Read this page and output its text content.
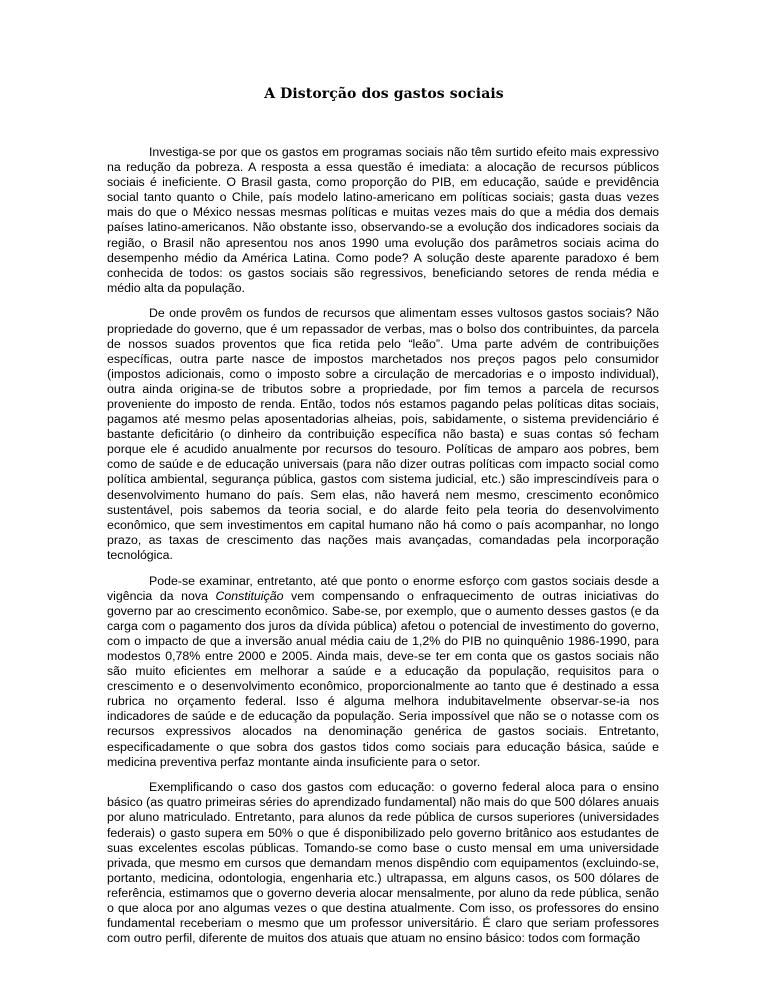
A Distorção dos gastos sociais

Investiga-se por que os gastos em programas sociais não têm surtido efeito mais expressivo na redução da pobreza. A resposta a essa questão é imediata: a alocação de recursos públicos sociais é ineficiente. O Brasil gasta, como proporção do PIB, em educação, saúde e previdência social tanto quanto o Chile, país modelo latino-americano em políticas sociais; gasta duas vezes mais do que o México nessas mesmas políticas e muitas vezes mais do que a média dos demais países latino-americanos. Não obstante isso, observando-se a evolução dos indicadores sociais da região, o Brasil não apresentou nos anos 1990 uma evolução dos parâmetros sociais acima do desempenho médio da América Latina. Como pode? A solução deste aparente paradoxo é bem conhecida de todos: os gastos sociais são regressivos, beneficiando setores de renda média e médio alta da população.

De onde provêm os fundos de recursos que alimentam esses vultosos gastos sociais? Não propriedade do governo, que é um repassador de verbas, mas o bolso dos contribuintes, da parcela de nossos suados proventos que fica retida pelo “leão”. Uma parte advém de contribuições específicas, outra parte nasce de impostos marchetados nos preços pagos pelo consumidor (impostos adicionais, como o imposto sobre a circulação de mercadorias e o imposto individual), outra ainda origina-se de tributos sobre a propriedade, por fim temos a parcela de recursos proveniente do imposto de renda. Então, todos nós estamos pagando pelas políticas ditas sociais, pagamos até mesmo pelas aposentadorias alheias, pois, sabidamente, o sistema previdenciário é bastante deficitário (o dinheiro da contribuição específica não basta) e suas contas só fecham porque ele é acudido anualmente por recursos do tesouro. Políticas de amparo aos pobres, bem como de saúde e de educação universais (para não dizer outras políticas com impacto social como política ambiental, segurança pública, gastos com sistema judicial, etc.) são imprescindíveis para o desenvolvimento humano do país. Sem elas, não haverá nem mesmo, crescimento econômico sustentável, pois sabemos da teoria social, e do alarde feito pela teoria do desenvolvimento econômico, que sem investimentos em capital humano não há como o país acompanhar, no longo prazo, as taxas de crescimento das nações mais avançadas, comandadas pela incorporação tecnológica.

Pode-se examinar, entretanto, até que ponto o enorme esforço com gastos sociais desde a vigência da nova Constituição vem compensando o enfraquecimento de outras iniciativas do governo par ao crescimento econômico. Sabe-se, por exemplo, que o aumento desses gastos (e da carga com o pagamento dos juros da dívida pública) afetou o potencial de investimento do governo, com o impacto de que a inversão anual média caiu de 1,2% do PIB no quinquênio 1986-1990, para modestos 0,78% entre 2000 e 2005. Ainda mais, deve-se ter em conta que os gastos sociais não são muito eficientes em melhorar a saúde e a educação da população, requisitos para o crescimento e o desenvolvimento econômico, proporcionalmente ao tanto que é destinado a essa rubrica no orçamento federal. Isso é alguma melhora indubitavelmente observar-se-ia nos indicadores de saúde e de educação da população. Seria impossível que não se o notasse com os recursos expressivos alocados na denominação genérica de gastos sociais. Entretanto, especificadamente o que sobra dos gastos tidos como sociais para educação básica, saúde e medicina preventiva perfaz montante ainda insuficiente para o setor.

Exemplificando o caso dos gastos com educação: o governo federal aloca para o ensino básico (as quatro primeiras séries do aprendizado fundamental) não mais do que 500 dólares anuais por aluno matriculado. Entretanto, para alunos da rede pública de cursos superiores (universidades federais) o gasto supera em 50% o que é disponibilizado pelo governo britânico aos estudantes de suas excelentes escolas públicas. Tomando-se como base o custo mensal em uma universidade privada, que mesmo em cursos que demandam menos dispêndio com equipamentos (excluindo-se, portanto, medicina, odontologia, engenharia etc.) ultrapassa, em alguns casos, os 500 dólares de referência, estimamos que o governo deveria alocar mensalmente, por aluno da rede pública, senão o que aloca por ano algumas vezes o que destina atualmente. Com isso, os professores do ensino fundamental receberiam o mesmo que um professor universitário. É claro que seriam professores com outro perfil, diferente de muitos dos atuais que atuam no ensino básico: todos com formação
